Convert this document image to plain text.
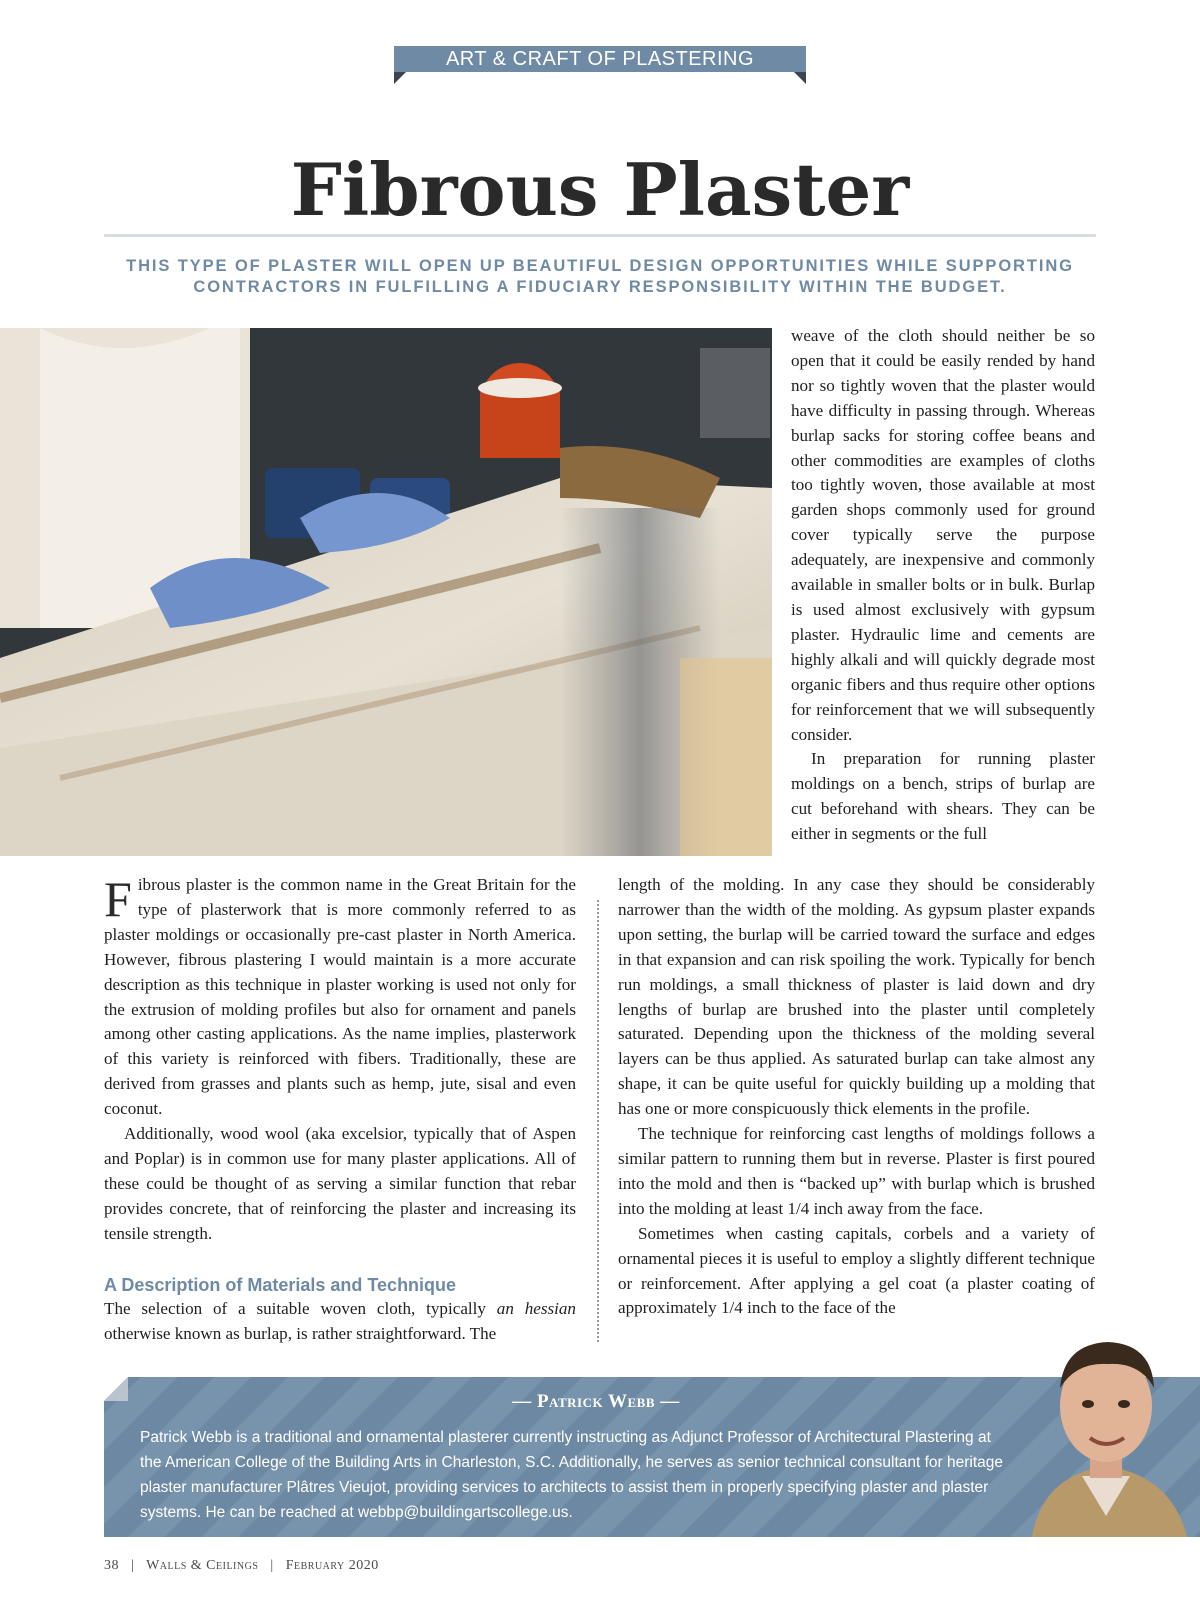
ART & CRAFT OF PLASTERING
Fibrous Plaster
THIS TYPE OF PLASTER WILL OPEN UP BEAUTIFUL DESIGN OPPORTUNITIES WHILE SUPPORTING CONTRACTORS IN FULFILLING A FIDUCIARY RESPONSIBILITY WITHIN THE BUDGET.

weave of the cloth should neither be so open that it could be easily rended by hand nor so tightly woven that the plaster would have difficulty in passing through. Whereas burlap sacks for storing coffee beans and other commodities are examples of cloths too tightly woven, those available at most garden shops commonly used for ground cover typically serve the purpose adequately, are inexpensive and commonly available in smaller bolts or in bulk. Burlap is used almost exclusively with gypsum plaster. Hydraulic lime and cements are highly alkali and will quickly degrade most organic fibers and thus require other options for reinforcement that we will subsequently consider.

In preparation for running plaster moldings on a bench, strips of burlap are cut beforehand with shears. They can be either in segments or the full

Fibrous plaster is the common name in the Great Britain for the type of plasterwork that is more commonly referred to as plaster moldings or occasionally pre-cast plaster in North America. However, fibrous plastering I would maintain is a more accurate description as this technique in plaster working is used not only for the extrusion of molding profiles but also for ornament and panels among other casting applications. As the name implies, plasterwork of this variety is reinforced with fibers. Traditionally, these are derived from grasses and plants such as hemp, jute, sisal and even coconut.

Additionally, wood wool (aka excelsior, typically that of Aspen and Poplar) is in common use for many plaster applications. All of these could be thought of as serving a similar function that rebar provides concrete, that of reinforcing the plaster and increasing its tensile strength.

A Description of Materials and Technique

The selection of a suitable woven cloth, typically an hessian otherwise known as burlap, is rather straightforward. The

length of the molding. In any case they should be considerably narrower than the width of the molding. As gypsum plaster expands upon setting, the burlap will be carried toward the surface and edges in that expansion and can risk spoiling the work. Typically for bench run moldings, a small thickness of plaster is laid down and dry lengths of burlap are brushed into the plaster until completely saturated. Depending upon the thickness of the molding several layers can be thus applied. As saturated burlap can take almost any shape, it can be quite useful for quickly building up a molding that has one or more conspicuously thick elements in the profile.

The technique for reinforcing cast lengths of moldings follows a similar pattern to running them but in reverse. Plaster is first poured into the mold and then is “backed up” with burlap which is brushed into the molding at least 1/4 inch away from the face.

Sometimes when casting capitals, corbels and a variety of ornamental pieces it is useful to employ a slightly different technique or reinforcement. After applying a gel coat (a plaster coating of approximately 1/4 inch to the face of the

— Patrick Webb —
Patrick Webb is a traditional and ornamental plasterer currently instructing as Adjunct Professor of Architectural Plastering at the American College of the Building Arts in Charleston, S.C. Additionally, he serves as senior technical consultant for heritage plaster manufacturer Plâtres Vieujot, providing services to architects to assist them in properly specifying plaster and plaster systems. He can be reached at webbp@buildingartscollege.us.
38 | Walls & Ceilings | February 2020
